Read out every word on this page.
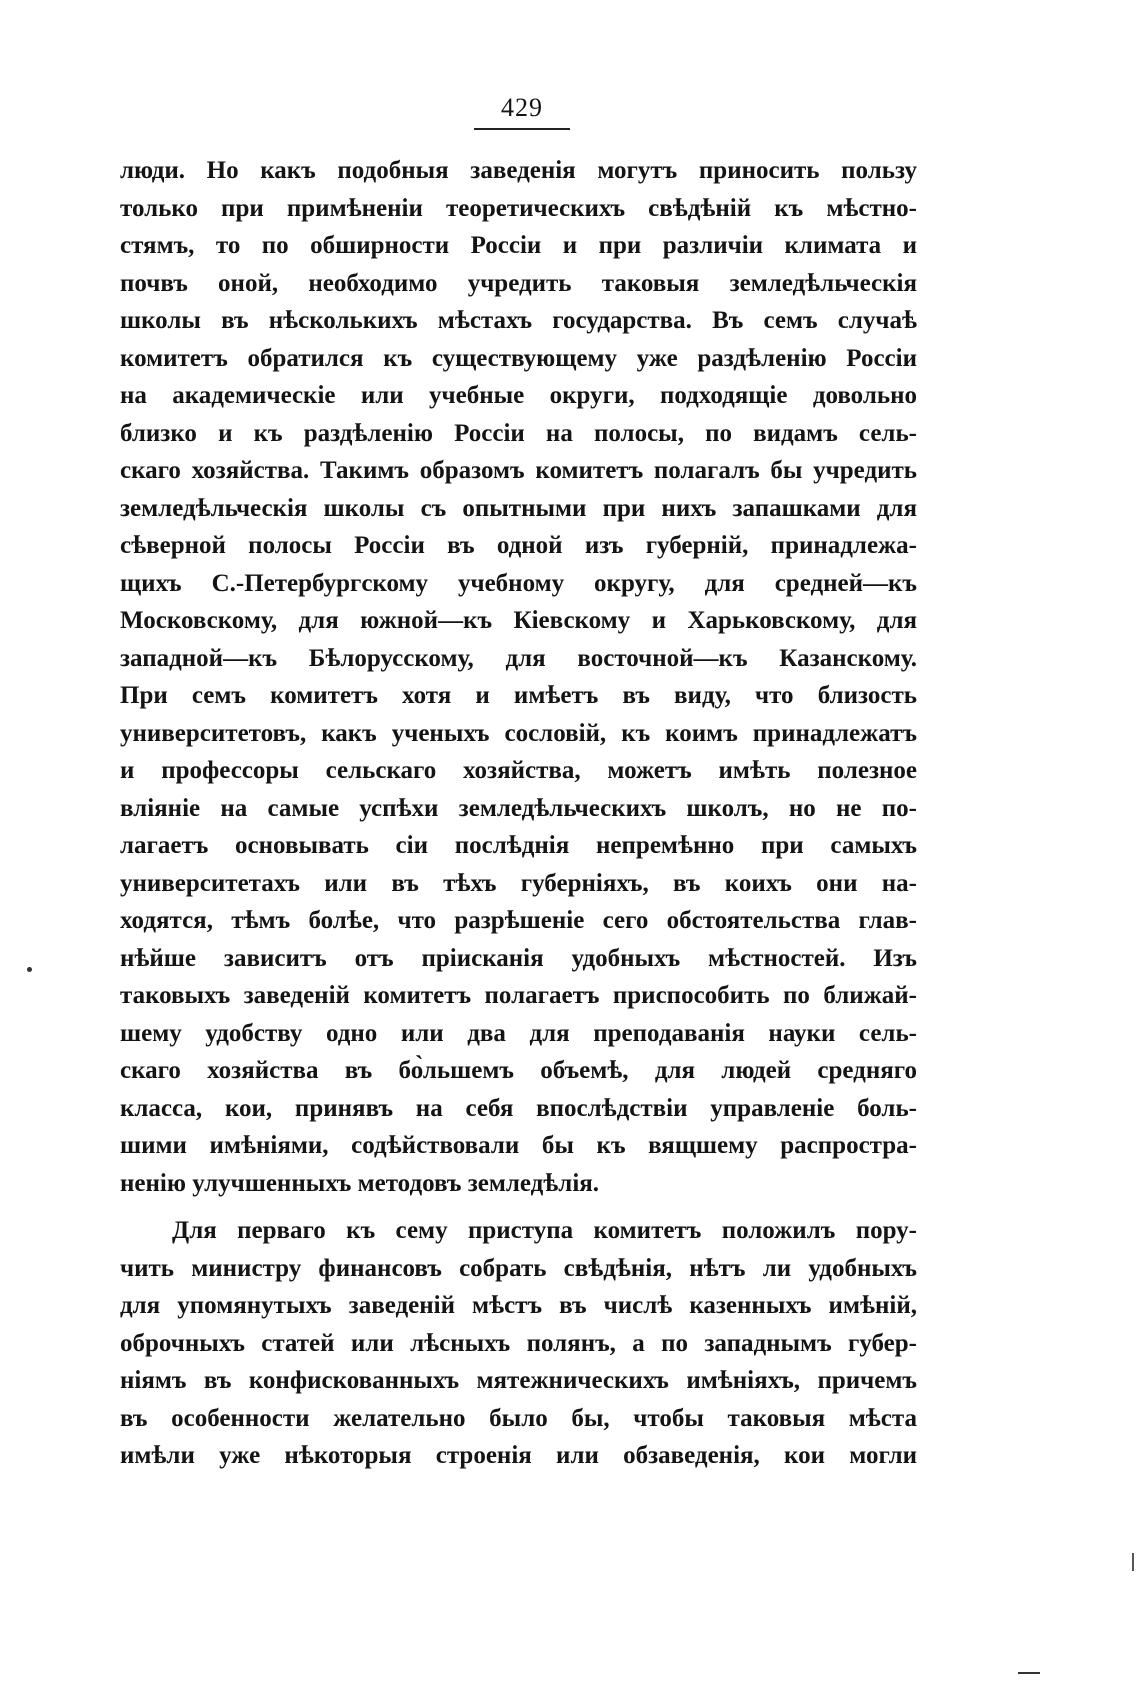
429
люди. Но какъ подобныя заведенія могутъ приносить пользу
только при примѣненіи теоретическихъ свѣдѣній къ мѣстно-
стямъ, то по обширности Россіи и при различіи климата и
почвъ оной, необходимо учредить таковыя земледѣльческія
школы въ нѣсколькихъ мѣстахъ государства. Въ семъ случаѣ
комитетъ обратился къ существующему уже раздѣленію Россіи
на академическіе или учебные округи, подходящіе довольно
близко и къ раздѣленію Россіи на полосы, по видамъ сель-
скаго хозяйства. Такимъ образомъ комитетъ полагалъ бы учредить
земледѣльческія школы съ опытными при нихъ запашками для
сѣверной полосы Россіи въ одной изъ губерній, принадлежа-
щихъ С.-Петербургскому учебному округу, для средней—къ
Московскому, для южной—къ Кіевскому и Харьковскому, для
западной—къ Бѣлорусскому, для восточной—къ Казанскому.
При семъ комитетъ хотя и имѣетъ въ виду, что близость
университетовъ, какъ ученыхъ сословій, къ коимъ принадлежатъ
и профессоры сельскаго хозяйства, можетъ имѣть полезное
вліяніе на самые успѣхи земледѣльческихъ школъ, но не по-
лагаетъ основывать сіи послѣднія непремѣнно при самыхъ
университетахъ или въ тѣхъ губерніяхъ, въ коихъ они на-
ходятся, тѣмъ болѣе, что разрѣшеніе сего обстоятельства глав-
нѣйше зависитъ отъ пріисканія удобныхъ мѣстностей. Изъ
таковыхъ заведеній комитетъ полагаетъ приспособить по ближай-
шему удобству одно или два для преподаванія науки сель-
скаго хозяйства въ бо̀льшемъ объемѣ, для людей средняго
класса, кои, принявъ на себя впослѣдствіи управленіе боль-
шими имѣніями, содѣйствовали бы къ вящшему распростра-
ненію улучшенныхъ методовъ земледѣлія.
Для перваго къ сему приступа комитетъ положилъ пору-
чить министру финансовъ собрать свѣдѣнія, нѣтъ ли удобныхъ
для упомянутыхъ заведеній мѣстъ въ числѣ казенныхъ имѣній,
оброчныхъ статей или лѣсныхъ полянъ, а по западнымъ губер-
ніямъ въ конфискованныхъ мятежническихъ имѣніяхъ, причемъ
въ особенности желательно было бы, чтобы таковыя мѣста
имѣли уже нѣкоторыя строенія или обзаведенія, кои могли
